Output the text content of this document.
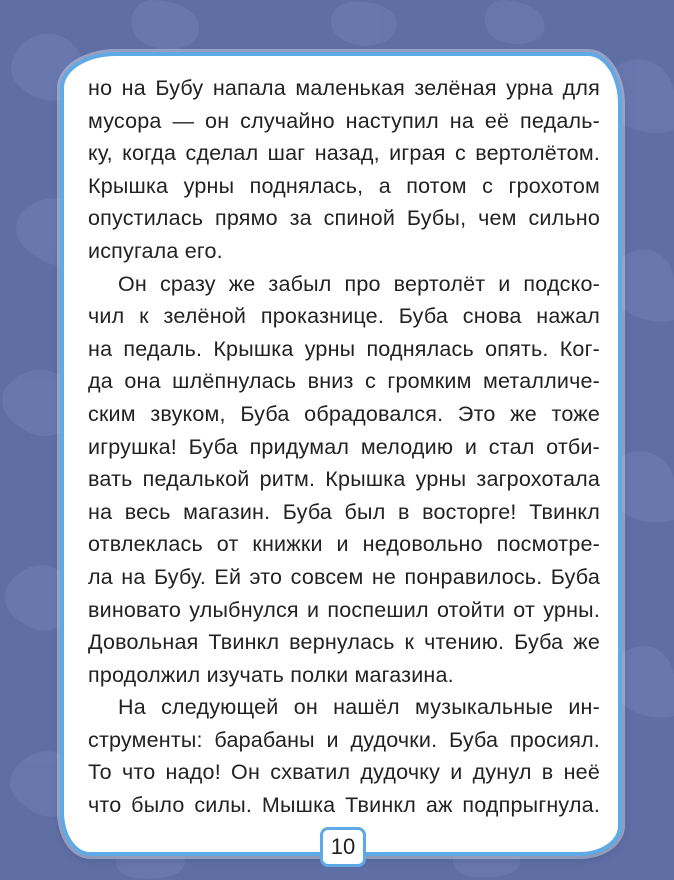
но на Бубу напала маленькая зелёная урна для
мусора — он случайно наступил на её педаль-
ку, когда сделал шаг назад, играя с вертолётом.
Крышка урны поднялась, а потом с грохотом
опустилась прямо за спиной Бубы, чем сильно
испугала его.
Он сразу же забыл про вертолёт и подско-
чил к зелёной проказнице. Буба снова нажал
на педаль. Крышка урны поднялась опять. Ког-
да она шлёпнулась вниз с громким металличе-
ским звуком, Буба обрадовался. Это же тоже
игрушка! Буба придумал мелодию и стал отби-
вать педалькой ритм. Крышка урны загрохотала
на весь магазин. Буба был в восторге! Твинкл
отвлеклась от книжки и недовольно посмотре-
ла на Бубу. Ей это совсем не понравилось. Буба
виновато улыбнулся и поспешил отойти от урны.
Довольная Твинкл вернулась к чтению. Буба же
продолжил изучать полки магазина.
На следующей он нашёл музыкальные ин-
струменты: барабаны и дудочки. Буба просиял.
То что надо! Он схватил дудочку и дунул в неё
что было силы. Мышка Твинкл аж подпрыгнула.
10
